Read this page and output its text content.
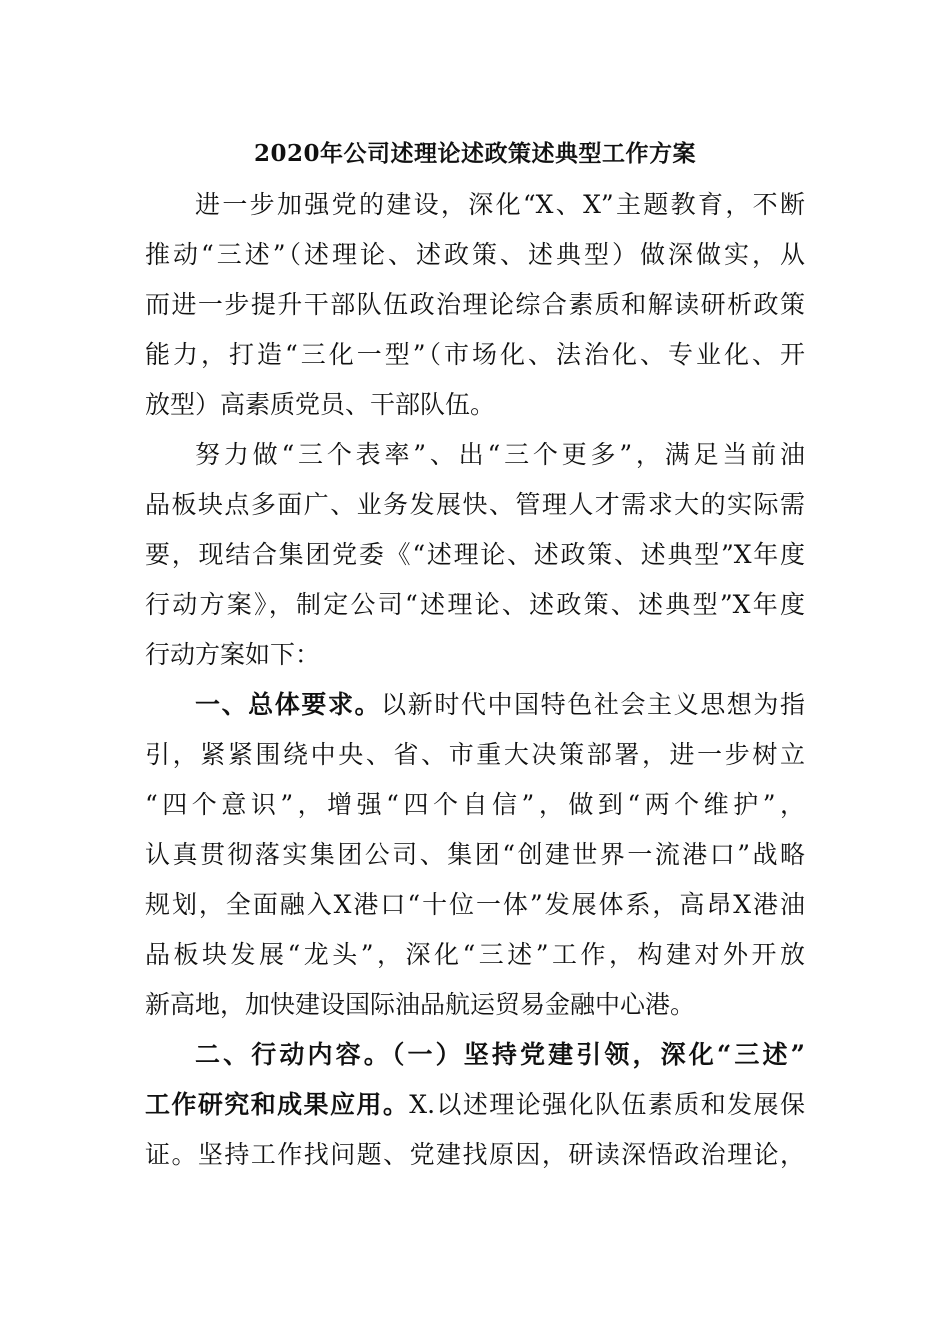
2020年公司述理论述政策述典型工作方案
进一步加强党的建设，深化“X、X”主题教育，不断
推动“三述”（述理论、述政策、述典型）做深做实，从
而进一步提升干部队伍政治理论综合素质和解读研析政策
能力，打造“三化一型”（市场化、法治化、专业化、开
放型）高素质党员、干部队伍。
努力做“三个表率”、出“三个更多”，满足当前油
品板块点多面广、业务发展快、管理人才需求大的实际需
要，现结合集团党委《“述理论、述政策、述典型”X年度
行动方案》，制定公司“述理论、述政策、述典型”X年度
行动方案如下：
一、总体要求。以新时代中国特色社会主义思想为指
引，紧紧围绕中央、省、市重大决策部署，进一步树立
“四个意识”，增强“四个自信”，做到“两个维护”，
认真贯彻落实集团公司、集团“创建世界一流港口”战略
规划，全面融入X港口“十位一体”发展体系，高昂X港油
品板块发展“龙头”，深化“三述”工作，构建对外开放
新高地，加快建设国际油品航运贸易金融中心港。
二、行动内容。（一）坚持党建引领，深化“三述”
工作研究和成果应用。X.以述理论强化队伍素质和发展保
证。坚持工作找问题、党建找原因，研读深悟政治理论，
